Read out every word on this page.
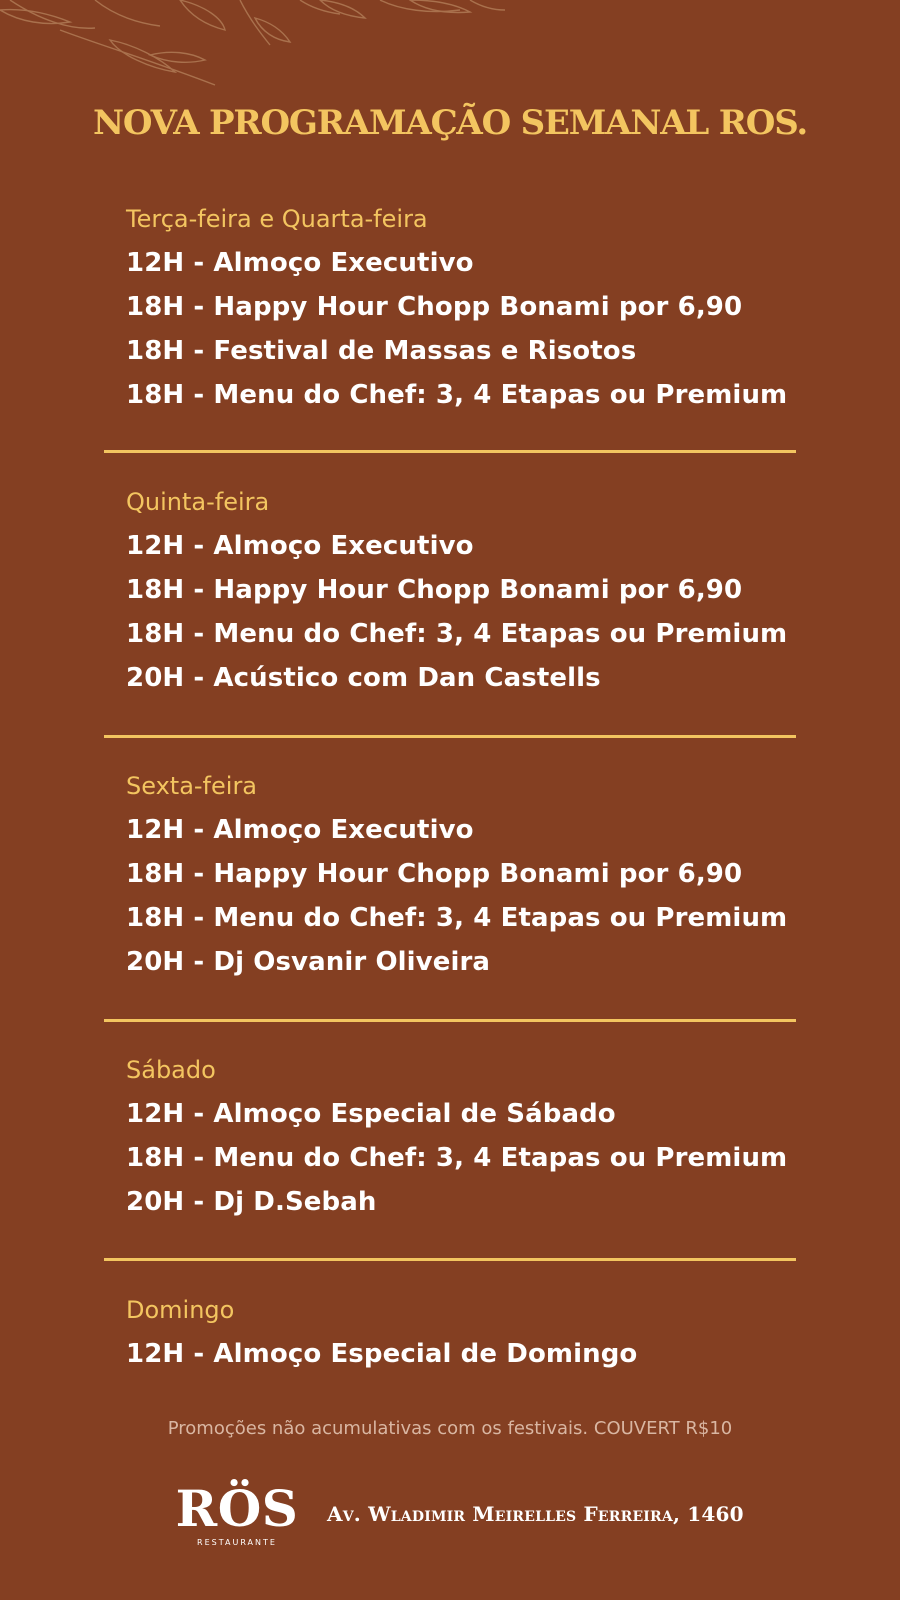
NOVA PROGRAMAÇÃO SEMANAL ROS.
Terça-feira e Quarta-feira
12H - Almoço Executivo
18H - Happy Hour Chopp Bonami por 6,90
18H - Festival de Massas e Risotos
18H - Menu do Chef: 3, 4 Etapas ou Premium
Quinta-feira
12H - Almoço Executivo
18H - Happy Hour Chopp Bonami por 6,90
18H - Menu do Chef: 3, 4 Etapas ou Premium
20H - Acústico com Dan Castells
Sexta-feira
12H - Almoço Executivo
18H - Happy Hour Chopp Bonami por 6,90
18H - Menu do Chef: 3, 4 Etapas ou Premium
20H - Dj Osvanir Oliveira
Sábado
12H - Almoço Especial de Sábado
18H - Menu do Chef: 3, 4 Etapas ou Premium
20H - Dj D.Sebah
Domingo
12H - Almoço Especial de Domingo
Promoções não acumulativas com os festivais. COUVERT R$10
RÖS
RESTAURANTE
Av. Wladimir Meirelles Ferreira, 1460
